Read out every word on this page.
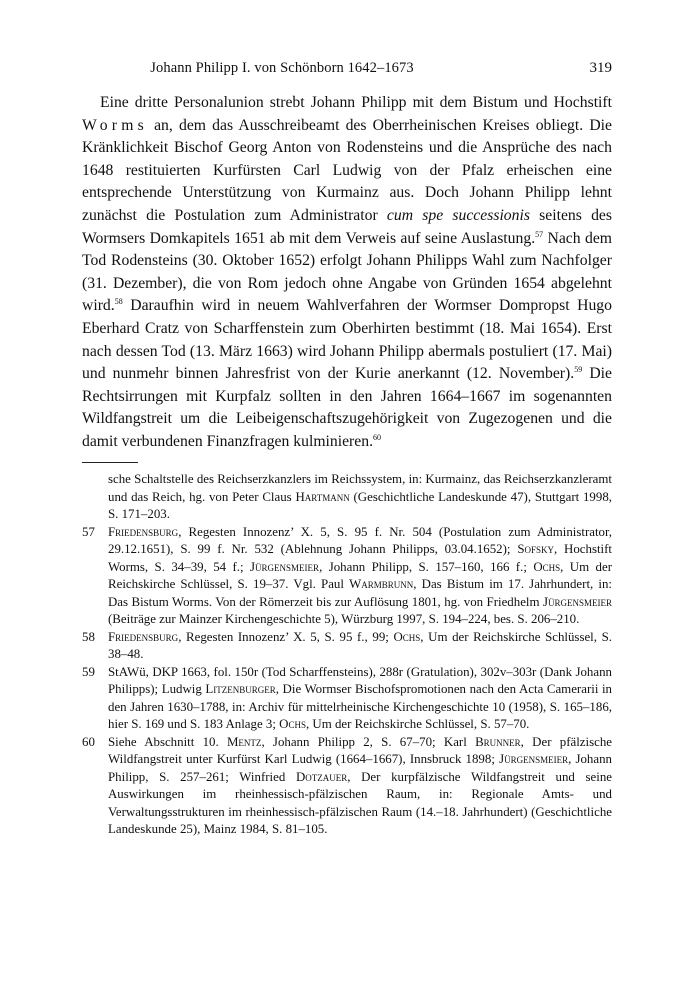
Johann Philipp I. von Schönborn 1642–1673	319

Eine dritte Personalunion strebt Johann Philipp mit dem Bistum und Hochstift Worms an, dem das Ausschreibeamt des Oberrheinischen Kreises obliegt. Die Kränklichkeit Bischof Georg Anton von Rodensteins und die Ansprüche des nach 1648 restituierten Kurfürsten Carl Ludwig von der Pfalz erheischen eine entsprechende Unterstützung von Kurmainz aus. Doch Johann Philipp lehnt zunächst die Postulation zum Administrator cum spe successionis seitens des Wormsers Domkapitels 1651 ab mit dem Verweis auf seine Auslastung.$^{57}$ Nach dem Tod Rodensteins (30. Oktober 1652) erfolgt Johann Philipps Wahl zum Nachfolger (31. Dezember), die von Rom jedoch ohne Angabe von Gründen 1654 abgelehnt wird.$^{58}$ Daraufhin wird in neuem Wahlverfahren der Wormser Dompropst Hugo Eberhard Cratz von Scharffenstein zum Oberhirten bestimmt (18. Mai 1654). Erst nach dessen Tod (13. März 1663) wird Johann Philipp abermals postuliert (17. Mai) und nunmehr binnen Jahresfrist von der Kurie anerkannt (12. November).$^{59}$ Die Rechtsirrungen mit Kurpfalz sollten in den Jahren 1664–1667 im sogenannten Wildfangstreit um die Leibeigenschaftszugehörigkeit von Zugezogenen und die damit verbundenen Finanzfragen kulminieren.$^{60}$

sche Schaltstelle des Reichserzkanzlers im Reichssystem, in: Kurmainz, das Reichserzkanzleramt und das Reich, hg. von Peter Claus Hartmann (Geschichtliche Landeskunde 47), Stuttgart 1998, S. 171–203.
57	Friedensburg, Regesten Innozenz’ X. 5, S. 95 f. Nr. 504 (Postulation zum Administrator, 29.12.1651), S. 99 f. Nr. 532 (Ablehnung Johann Philipps, 03.04.1652); Sofsky, Hochstift Worms, S. 34–39, 54 f.; Jürgensmeier, Johann Philipp, S. 157–160, 166 f.; Ochs, Um der Reichskirche Schlüssel, S. 19–37. Vgl. Paul Warmbrunn, Das Bistum im 17. Jahrhundert, in: Das Bistum Worms. Von der Römerzeit bis zur Auflösung 1801, hg. von Friedhelm Jürgensmeier (Beiträge zur Mainzer Kirchengeschichte 5), Würzburg 1997, S. 194–224, bes. S. 206–210.
58	Friedensburg, Regesten Innozenz’ X. 5, S. 95 f., 99; Ochs, Um der Reichskirche Schlüssel, S. 38–48.
59	StAWü, DKP 1663, fol. 150r (Tod Scharffensteins), 288r (Gratulation), 302v–303r (Dank Johann Philipps); Ludwig Litzenburger, Die Wormser Bischofspromotionen nach den Acta Camerarii in den Jahren 1630–1788, in: Archiv für mittelrheinische Kirchengeschichte 10 (1958), S. 165–186, hier S. 169 und S. 183 Anlage 3; Ochs, Um der Reichskirche Schlüssel, S. 57–70.
60	Siehe Abschnitt 10. Mentz, Johann Philipp 2, S. 67–70; Karl Brunner, Der pfälzische Wildfangstreit unter Kurfürst Karl Ludwig (1664–1667), Innsbruck 1898; Jürgensmeier, Johann Philipp, S. 257–261; Winfried Dotzauer, Der kurpfälzische Wildfangstreit und seine Auswirkungen im rheinhessisch-pfälzischen Raum, in: Regionale Amts- und Verwaltungsstrukturen im rheinhessisch-pfälzischen Raum (14.–18. Jahrhundert) (Geschichtliche Landeskunde 25), Mainz 1984, S. 81–105.
